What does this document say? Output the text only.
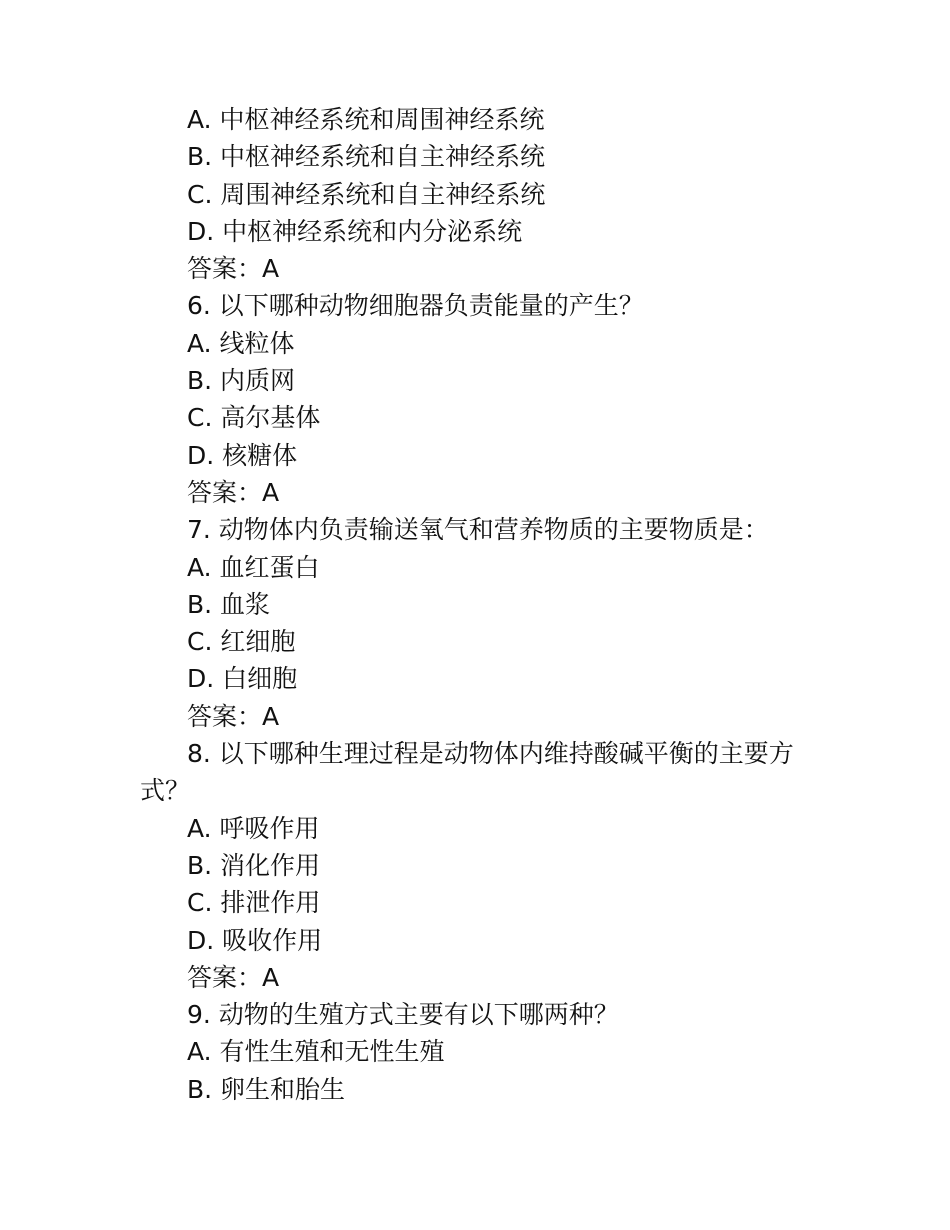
A. 中枢神经系统和周围神经系统
B. 中枢神经系统和自主神经系统
C. 周围神经系统和自主神经系统
D. 中枢神经系统和内分泌系统
答案：A
6. 以下哪种动物细胞器负责能量的产生？
A. 线粒体
B. 内质网
C. 高尔基体
D. 核糖体
答案：A
7. 动物体内负责输送氧气和营养物质的主要物质是：
A. 血红蛋白
B. 血浆
C. 红细胞
D. 白细胞
答案：A
8. 以下哪种生理过程是动物体内维持酸碱平衡的主要方
式？
A. 呼吸作用
B. 消化作用
C. 排泄作用
D. 吸收作用
答案：A
9. 动物的生殖方式主要有以下哪两种？
A. 有性生殖和无性生殖
B. 卵生和胎生
